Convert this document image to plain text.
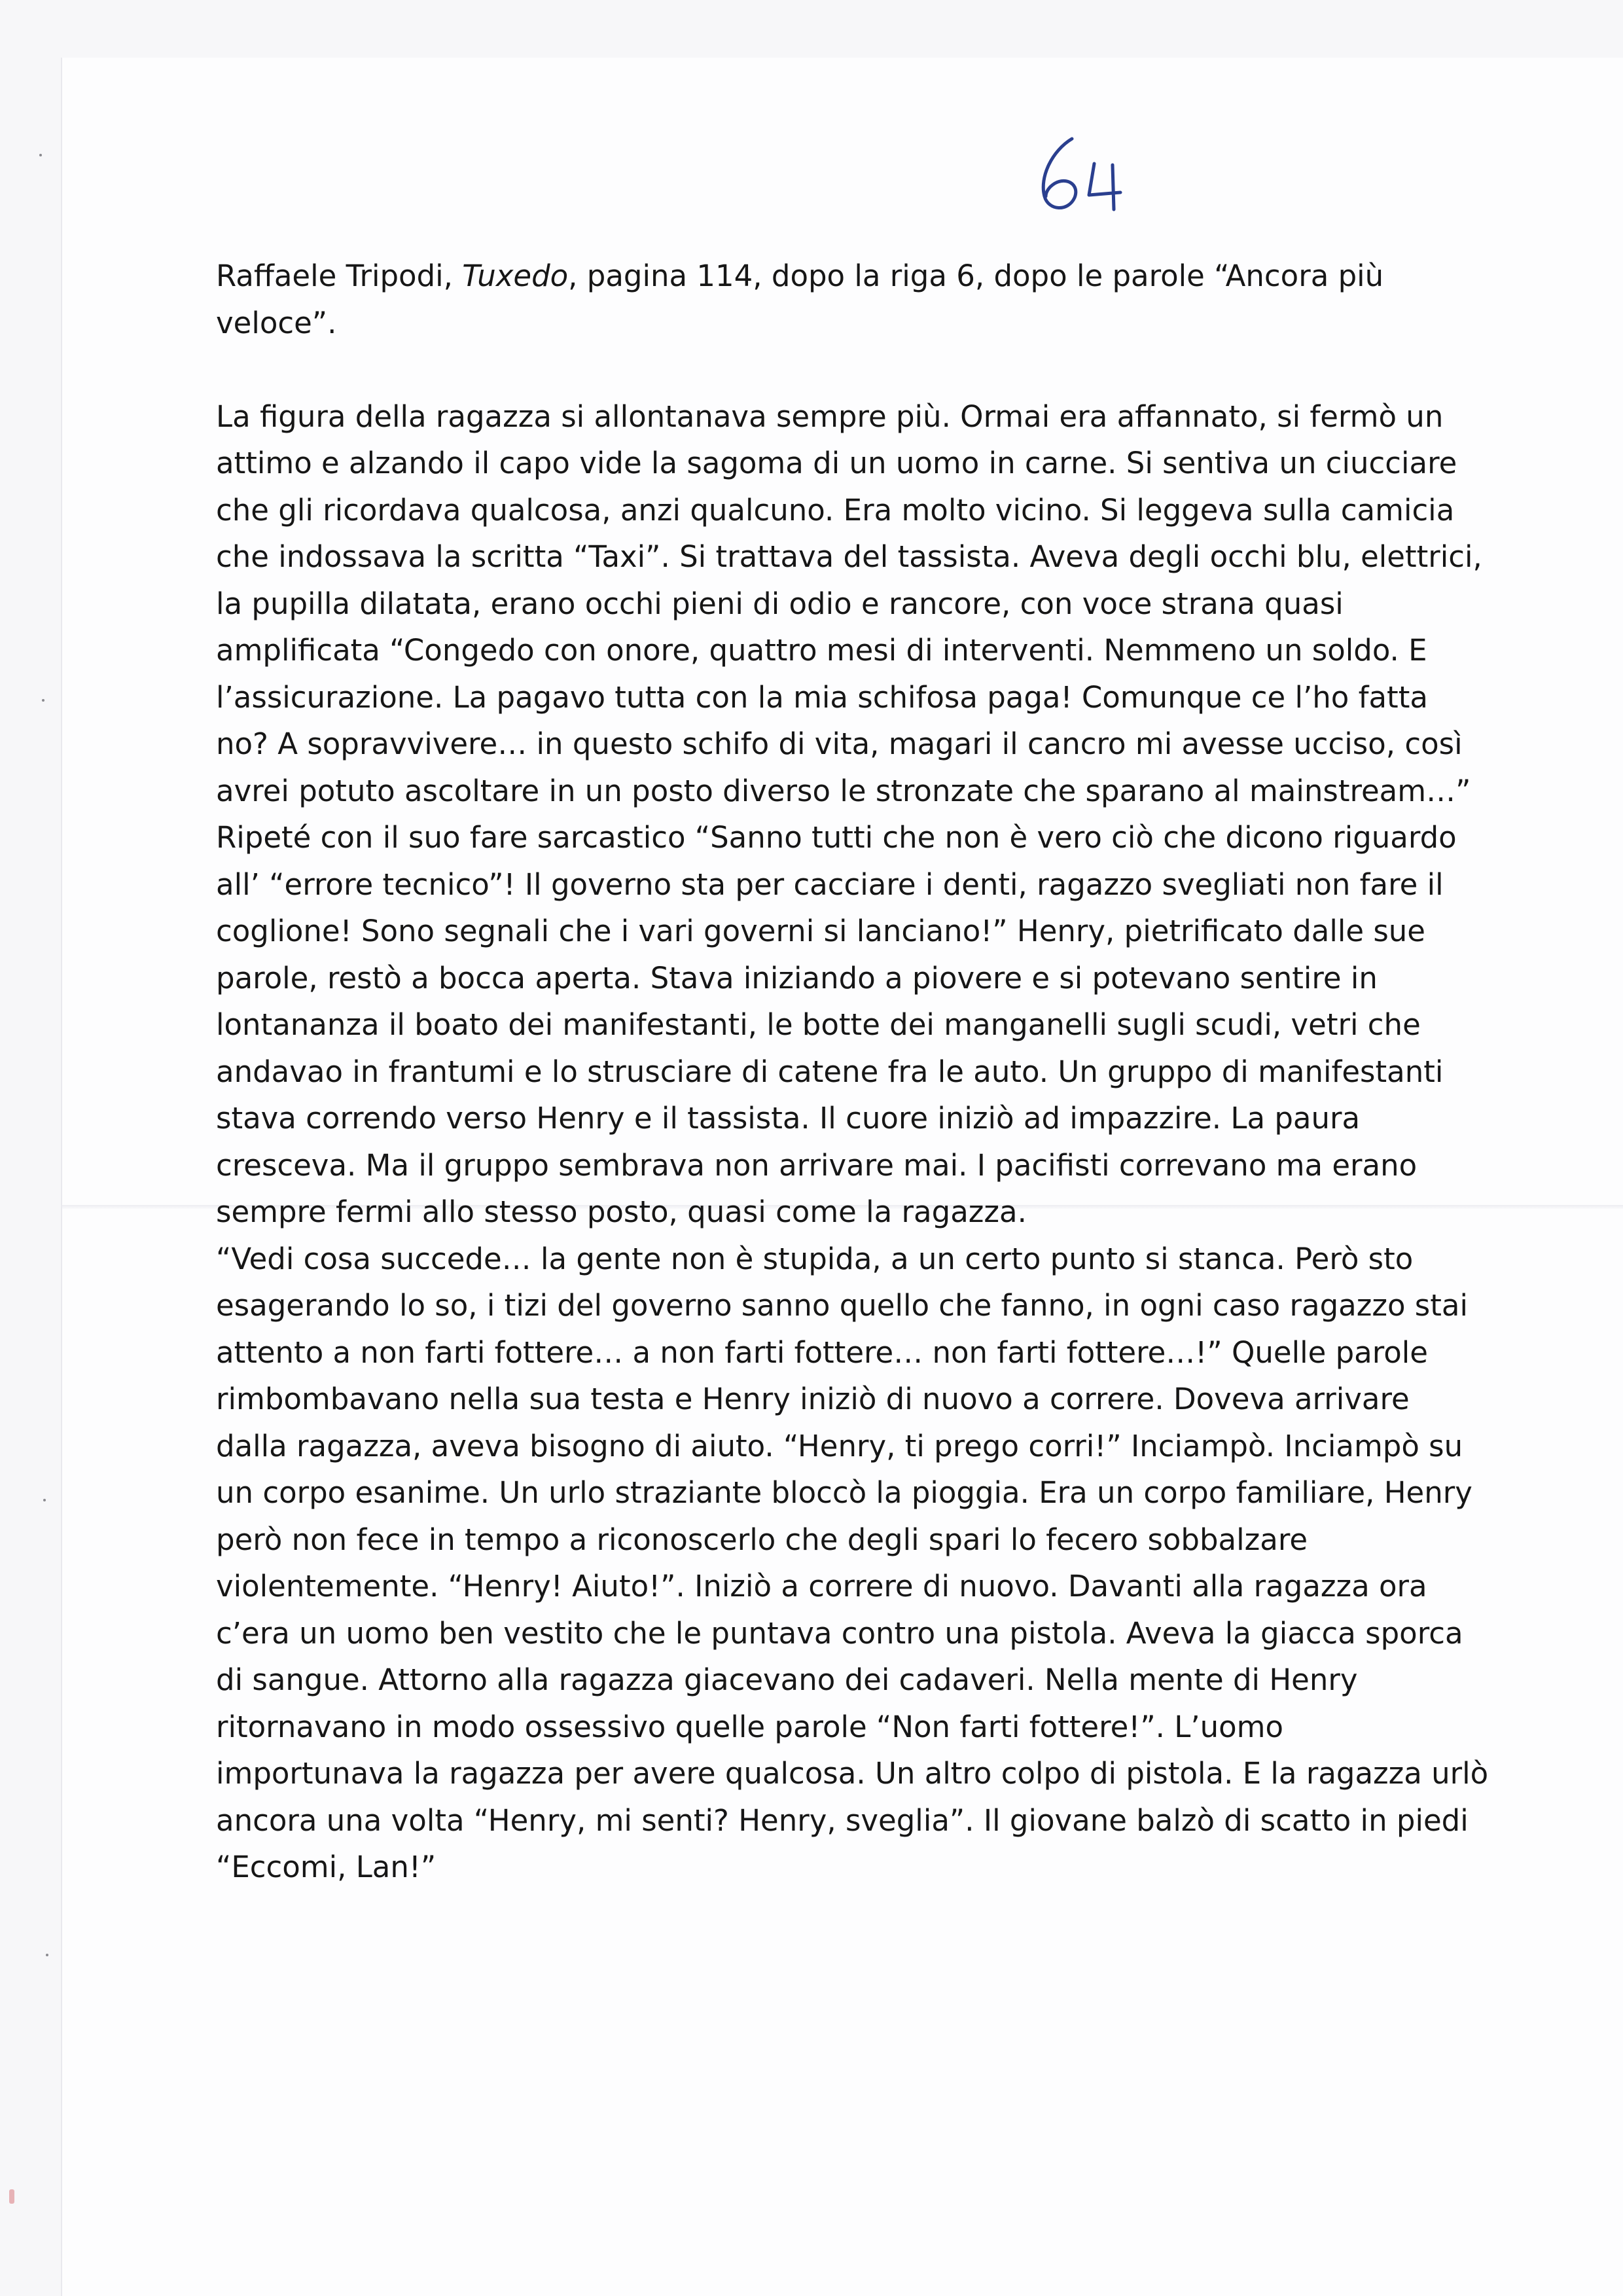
Raffaele Tripodi, Tuxedo, pagina 114, dopo la riga 6, dopo le parole “Ancora più
veloce”.
La figura della ragazza si allontanava sempre più. Ormai era affannato, si fermò un
attimo e alzando il capo vide la sagoma di un uomo in carne. Si sentiva un ciucciare
che gli ricordava qualcosa, anzi qualcuno. Era molto vicino. Si leggeva sulla camicia
che indossava la scritta “Taxi”. Si trattava del tassista. Aveva degli occhi blu, elettrici,
la pupilla dilatata, erano occhi pieni di odio e rancore, con voce strana quasi
amplificata “Congedo con onore, quattro mesi di interventi. Nemmeno un soldo. E
l’assicurazione. La pagavo tutta con la mia schifosa paga! Comunque ce l’ho fatta
no? A sopravvivere… in questo schifo di vita, magari il cancro mi avesse ucciso, così
avrei potuto ascoltare in un posto diverso le stronzate che sparano al mainstream…”
Ripeté con il suo fare sarcastico “Sanno tutti che non è vero ciò che dicono riguardo
all’ “errore tecnico”! Il governo sta per cacciare i denti, ragazzo svegliati non fare il
coglione! Sono segnali che i vari governi si lanciano!” Henry, pietrificato dalle sue
parole, restò a bocca aperta. Stava iniziando a piovere e si potevano sentire in
lontananza il boato dei manifestanti, le botte dei manganelli sugli scudi, vetri che
andavao in frantumi e lo strusciare di catene fra le auto. Un gruppo di manifestanti
stava correndo verso Henry e il tassista. Il cuore iniziò ad impazzire. La paura
cresceva. Ma il gruppo sembrava non arrivare mai. I pacifisti correvano ma erano
sempre fermi allo stesso posto, quasi come la ragazza.
“Vedi cosa succede… la gente non è stupida, a un certo punto si stanca. Però sto
esagerando lo so, i tizi del governo sanno quello che fanno, in ogni caso ragazzo stai
attento a non farti fottere… a non farti fottere… non farti fottere…!” Quelle parole
rimbombavano nella sua testa e Henry iniziò di nuovo a correre. Doveva arrivare
dalla ragazza, aveva bisogno di aiuto. “Henry, ti prego corri!” Inciampò. Inciampò su
un corpo esanime. Un urlo straziante bloccò la pioggia. Era un corpo familiare, Henry
però non fece in tempo a riconoscerlo che degli spari lo fecero sobbalzare
violentemente. “Henry! Aiuto!”. Iniziò a correre di nuovo. Davanti alla ragazza ora
c’era un uomo ben vestito che le puntava contro una pistola. Aveva la giacca sporca
di sangue. Attorno alla ragazza giacevano dei cadaveri. Nella mente di Henry
ritornavano in modo ossessivo quelle parole “Non farti fottere!”. L’uomo
importunava la ragazza per avere qualcosa. Un altro colpo di pistola. E la ragazza urlò
ancora una volta “Henry, mi senti? Henry, sveglia”. Il giovane balzò di scatto in piedi
“Eccomi, Lan!”
